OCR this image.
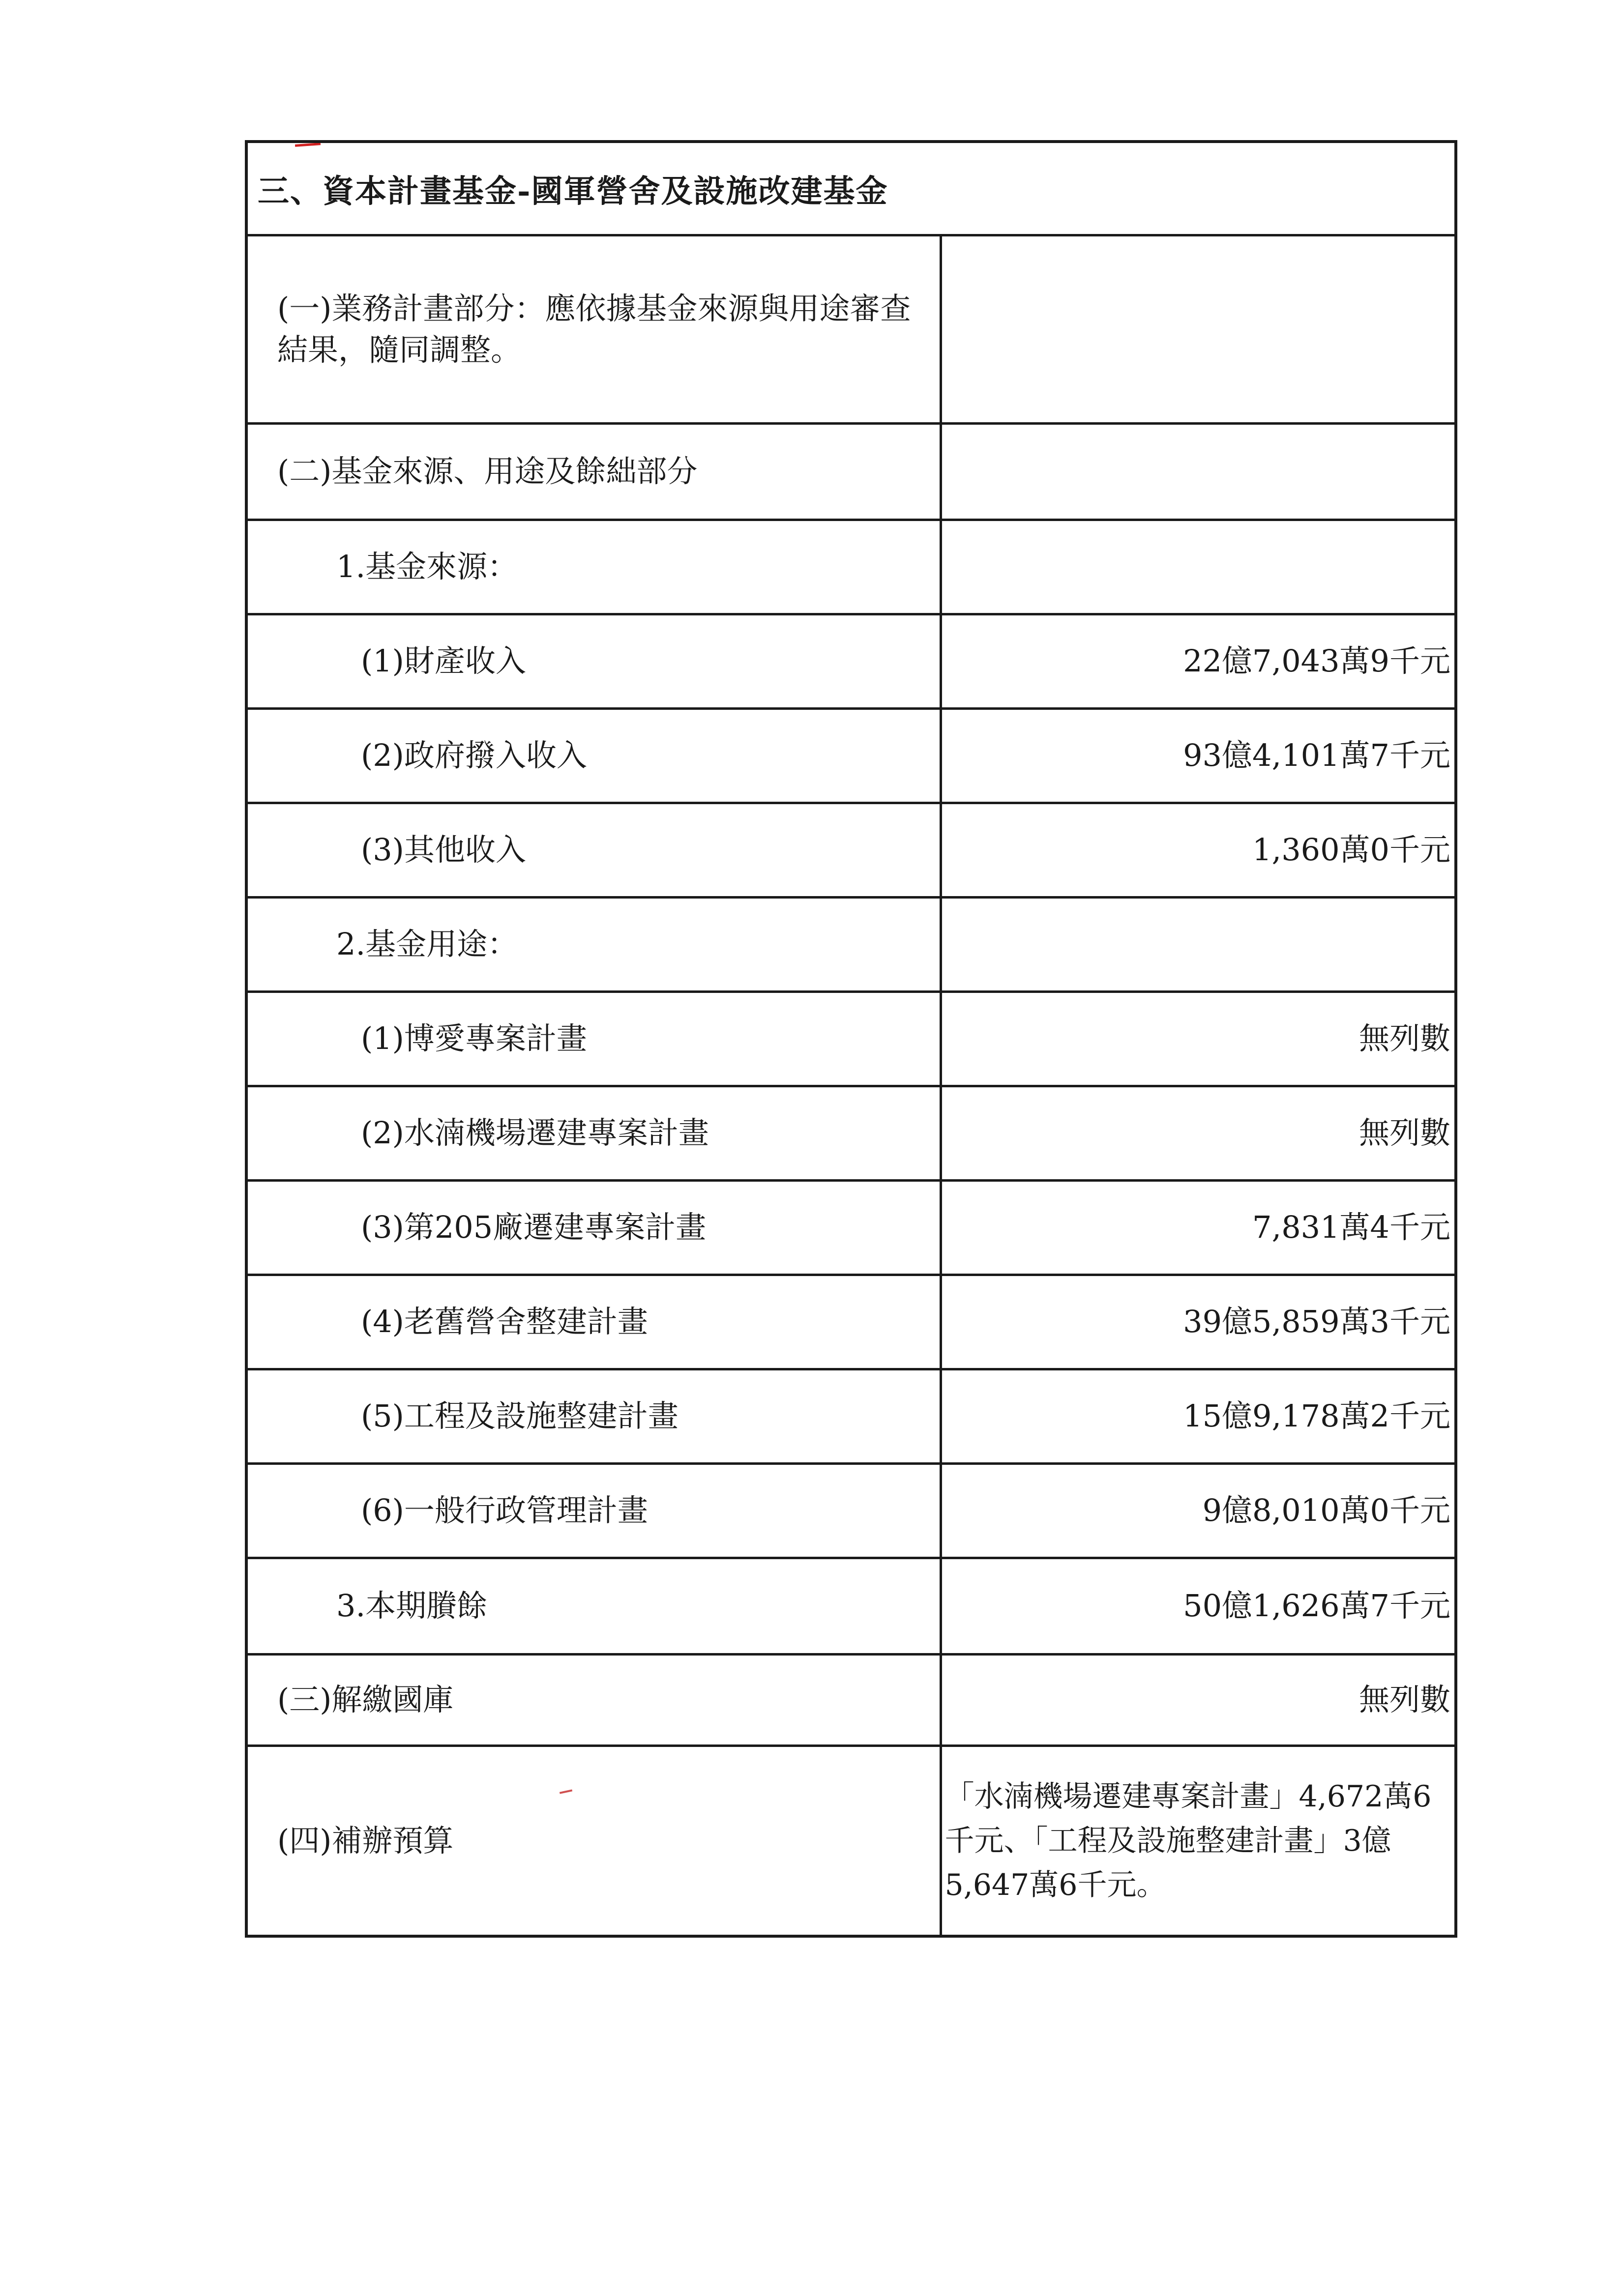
三、資本計畫基金-國軍營舍及設施改建基金
(一)業務計畫部分：應依據基金來源與用途審查結果，隨同調整。	
(二)基金來源、用途及餘絀部分	
1.基金來源：	
(1)財產收入	22億7,043萬9千元
(2)政府撥入收入	93億4,101萬7千元
(3)其他收入	1,360萬0千元
2.基金用途：	
(1)博愛專案計畫	無列數
(2)水湳機場遷建專案計畫	無列數
(3)第205廠遷建專案計畫	7,831萬4千元
(4)老舊營舍整建計畫	39億5,859萬3千元
(5)工程及設施整建計畫	15億9,178萬2千元
(6)一般行政管理計畫	9億8,010萬0千元
3.本期賸餘	50億1,626萬7千元
(三)解繳國庫	無列數
(四)補辦預算	「水湳機場遷建專案計畫」4,672萬6千元、「工程及設施整建計畫」3億5,647萬6千元。
